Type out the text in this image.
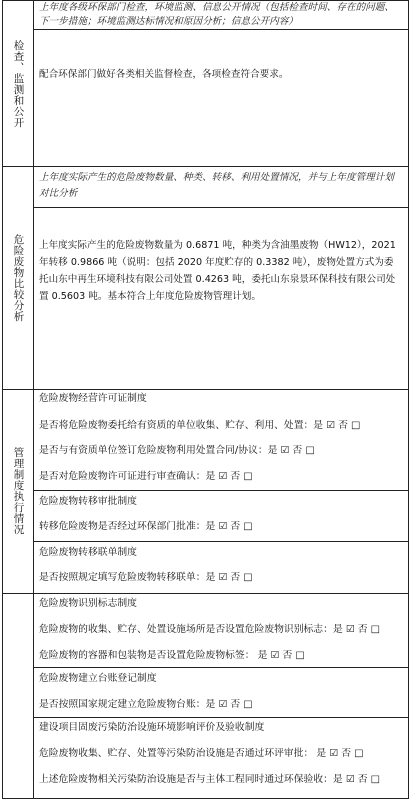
检查、监测和公开
上年度各级环保部门检查，环境监测、信息公开情况（包括检查时间、存在的问题、下一步措施；环境监测达标情况和原因分析；信息公开内容）
配合环保部门做好各类相关监督检查，各项检查符合要求。
危险废物比较分析
上年度实际产生的危险废物数量、种类、转移、利用处置情况，并与上年度管理计划对比分析
上年度实际产生的危险废物数量为 0.6871 吨，种类为含油墨废物（HW12），2021 年转移 0.9866 吨（说明：包括 2020 年度贮存的 0.3382 吨），废物处置方式为委托山东中再生环境科技有限公司处置 0.4263 吨，委托山东泉景环保科技有限公司处置 0.5603 吨。基本符合上年度危险废物管理计划。
管理制度执行情况
危险废物经营许可证制度
是否将危险废物委托给有资质的单位收集、贮存、利用、处置：是 ☑ 否 □
是否与有资质单位签订危险废物利用处置合同/协议：是 ☑ 否 □
是否对危险废物许可证进行审查确认：是 ☑ 否 □
危险废物转移审批制度
转移危险废物是否经过环保部门批准：是 ☑ 否 □
危险废物转移联单制度
是否按照规定填写危险废物转移联单：是 ☑ 否 □
危险废物识别标志制度
危险废物的收集、贮存、处置设施场所是否设置危险废物识别标志：是 ☑ 否 □
危险废物的容器和包装物是否设置危险废物标签： 是 ☑ 否 □
危险废物建立台账登记制度
是否按照国家规定建立危险废物台账：是 ☑ 否 □
建设项目固废污染防治设施环境影响评价及验收制度
危险废物收集、贮存、处置等污染防治设施是否通过环评审批： 是 ☑ 否 □
上述危险废物相关污染防治设施是否与主体工程同时通过环保验收：是 ☑ 否 □
